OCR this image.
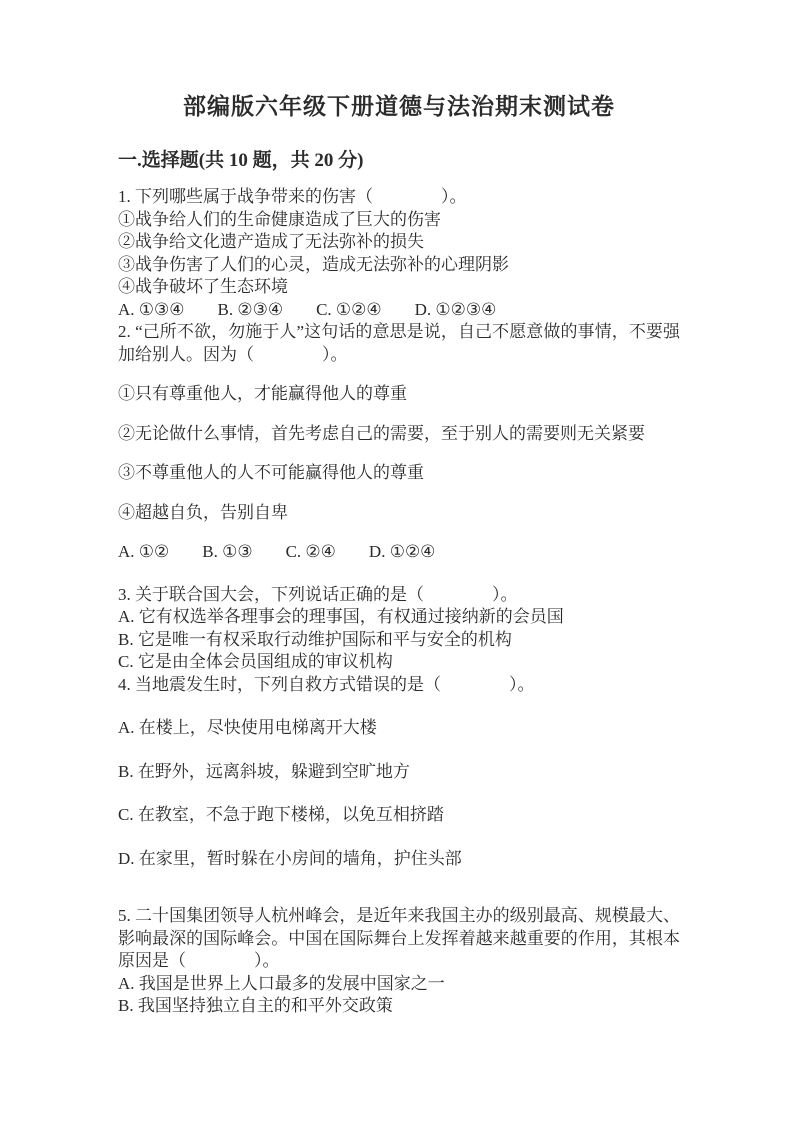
部编版六年级下册道德与法治期末测试卷
一.选择题(共 10 题，共 20 分)
1. 下列哪些属于战争带来的伤害（　　　　）。
①战争给人们的生命健康造成了巨大的伤害
②战争给文化遗产造成了无法弥补的损失
③战争伤害了人们的心灵，造成无法弥补的心理阴影
④战争破坏了生态环境
A. ①③④ B. ②③④ C. ①②④ D. ①②③④
2. “己所不欲，勿施于人”这句话的意思是说，自己不愿意做的事情，不要强加给别人。因为（　　　　）。
①只有尊重他人，才能赢得他人的尊重
②无论做什么事情，首先考虑自己的需要，至于别人的需要则无关紧要
③不尊重他人的人不可能赢得他人的尊重
④超越自负，告别自卑
A. ①② B. ①③ C. ②④ D. ①②④
3. 关于联合国大会，下列说话正确的是（　　　　）。
A. 它有权选举各理事会的理事国，有权通过接纳新的会员国
B. 它是唯一有权采取行动维护国际和平与安全的机构
C. 它是由全体会员国组成的审议机构
4. 当地震发生时，下列自救方式错误的是（　　　　）。
A. 在楼上，尽快使用电梯离开大楼
B. 在野外，远离斜坡，躲避到空旷地方
C. 在教室，不急于跑下楼梯，以免互相挤踏
D. 在家里，暂时躲在小房间的墙角，护住头部
5. 二十国集团领导人杭州峰会，是近年来我国主办的级别最高、规模最大、影响最深的国际峰会。中国在国际舞台上发挥着越来越重要的作用，其根本原因是（　　　　）。
A. 我国是世界上人口最多的发展中国家之一
B. 我国坚持独立自主的和平外交政策
